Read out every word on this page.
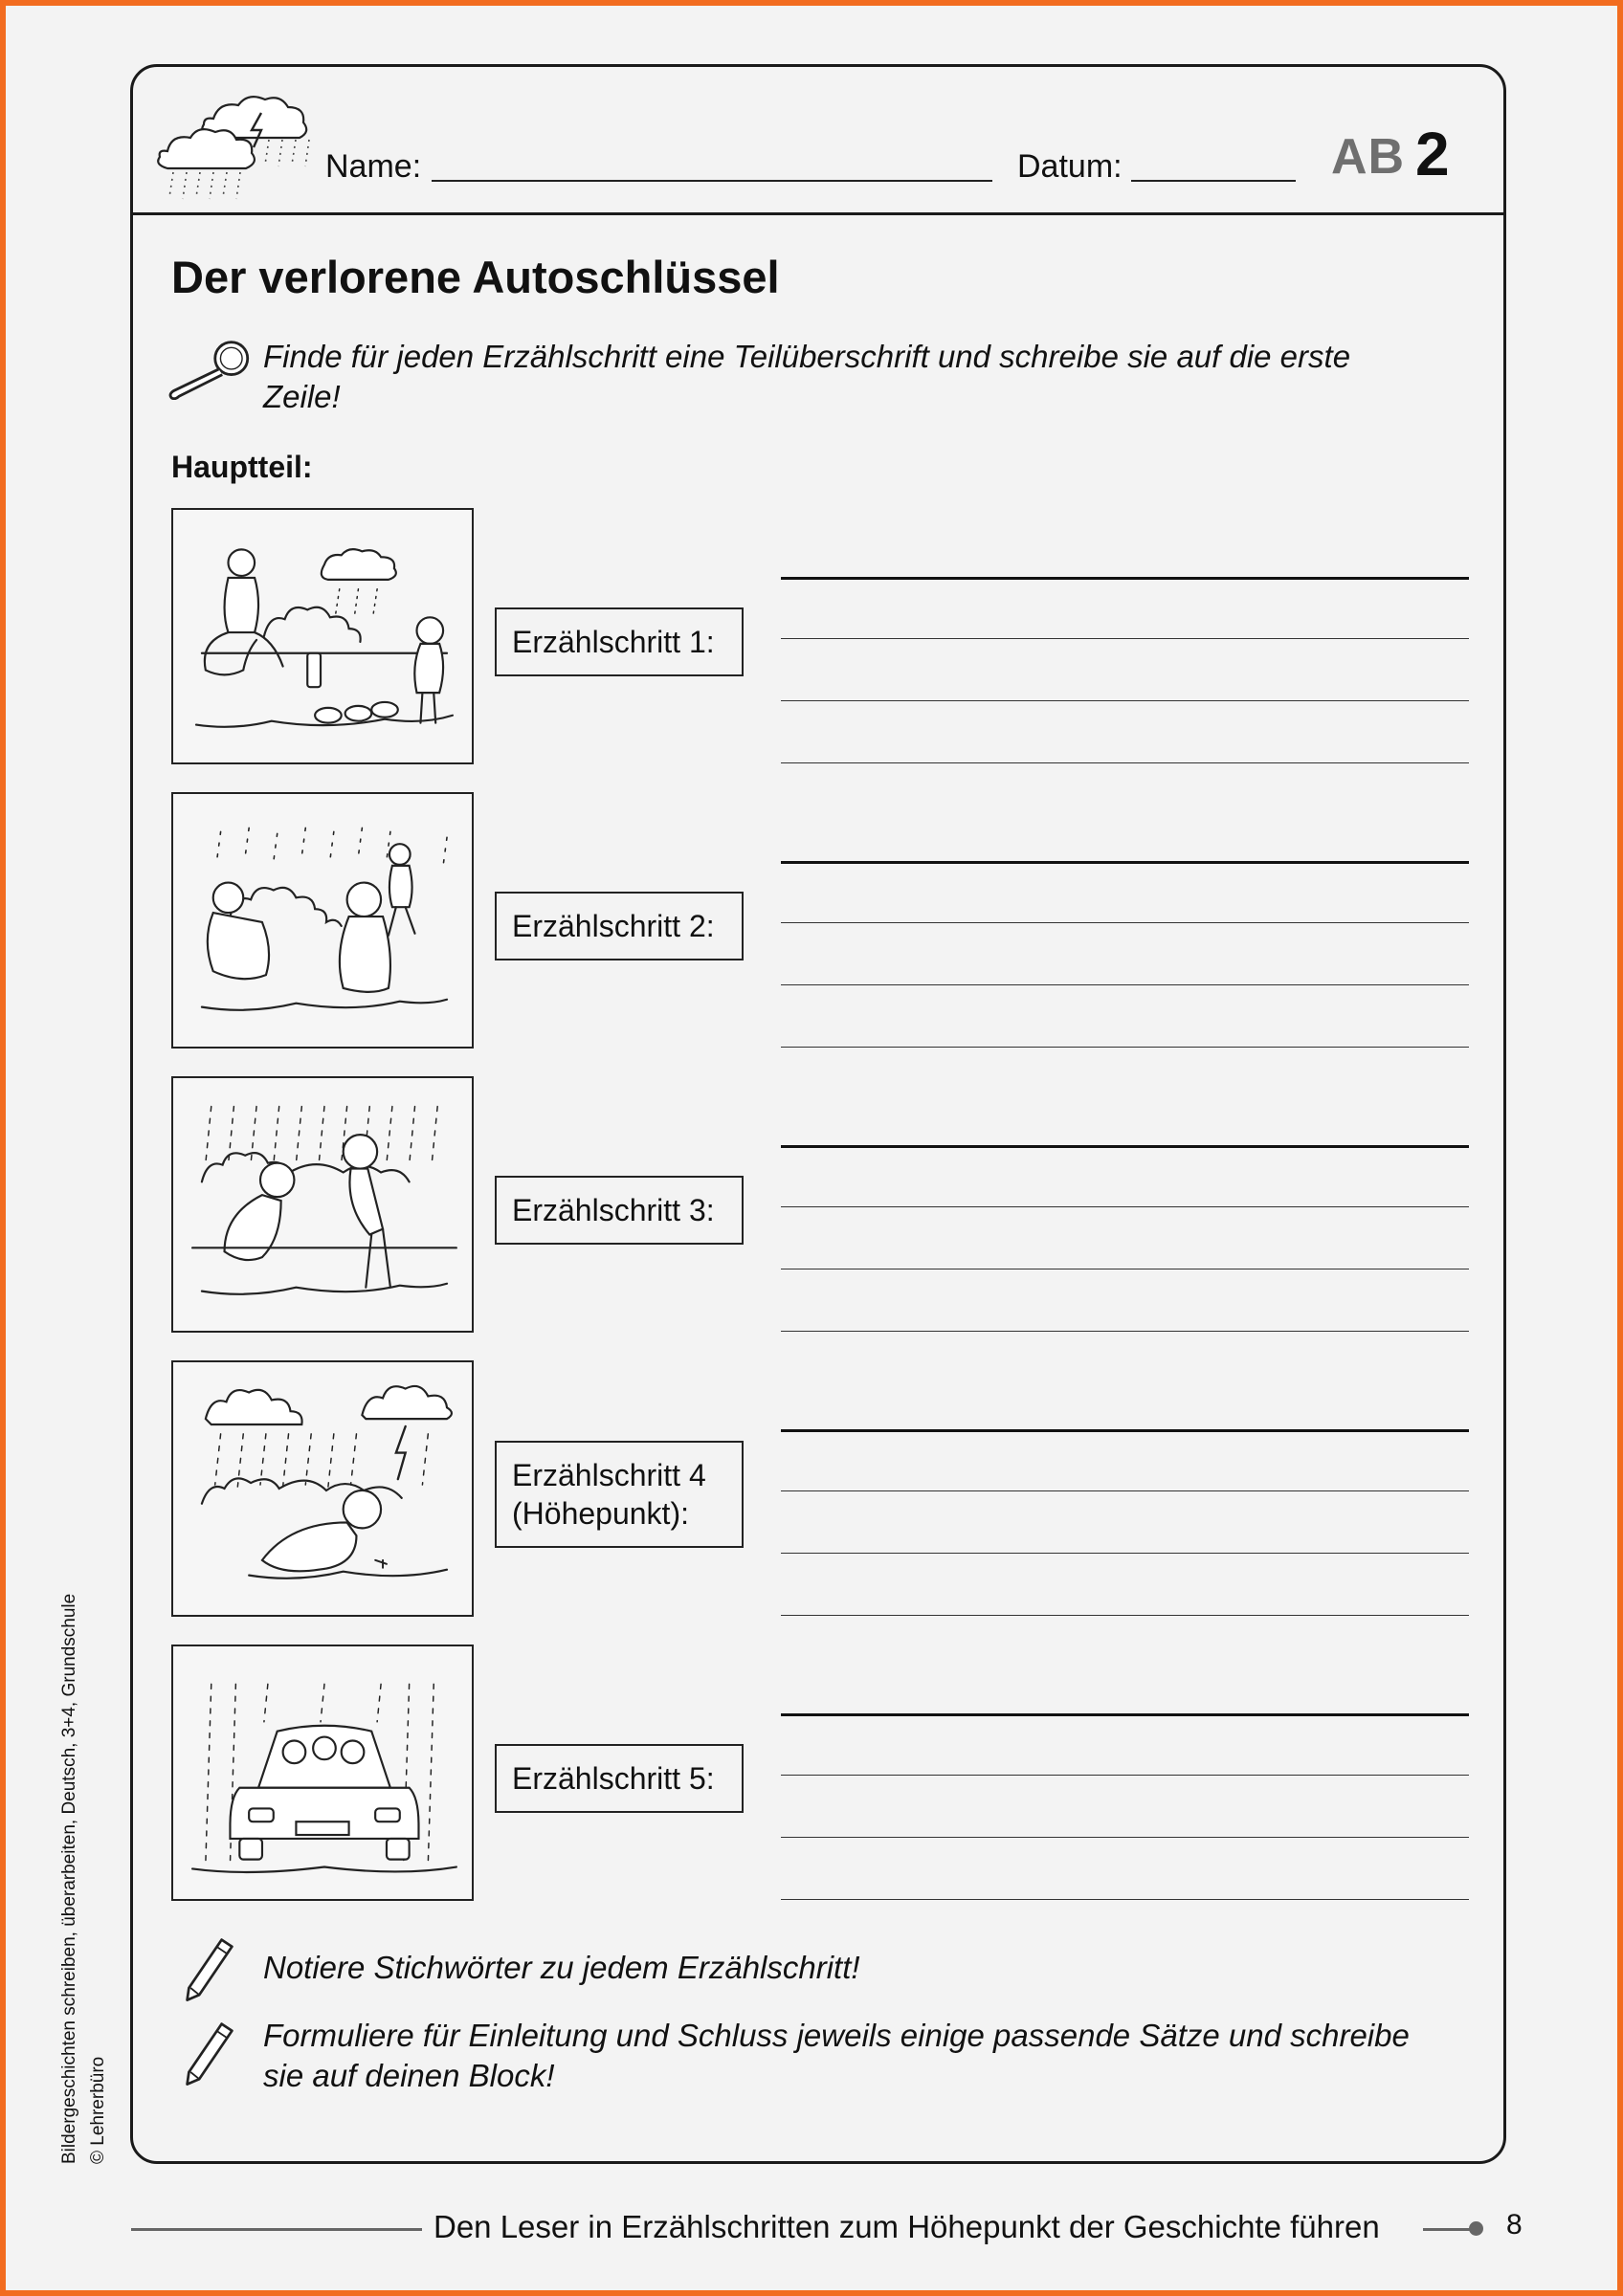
Name:	Datum:	AB 2
Der verlorene Autoschlüssel
Finde für jeden Erzählschritt eine Teilüberschrift und schreibe sie auf die erste
Zeile!
Hauptteil:
Erzählschritt 1:
Erzählschritt 2:
Erzählschritt 3:
Erzählschritt 4
(Höhepunkt):
Erzählschritt 5:
Notiere Stichwörter zu jedem Erzählschritt!
Formuliere für Einleitung und Schluss jeweils einige passende Sätze und schreibe
sie auf deinen Block!
Den Leser in Erzählschritten zum Höhepunkt der Geschichte führen	8
Bildergeschichten schreiben, überarbeiten, Deutsch, 3+4, Grundschule © Lehrerbüro
